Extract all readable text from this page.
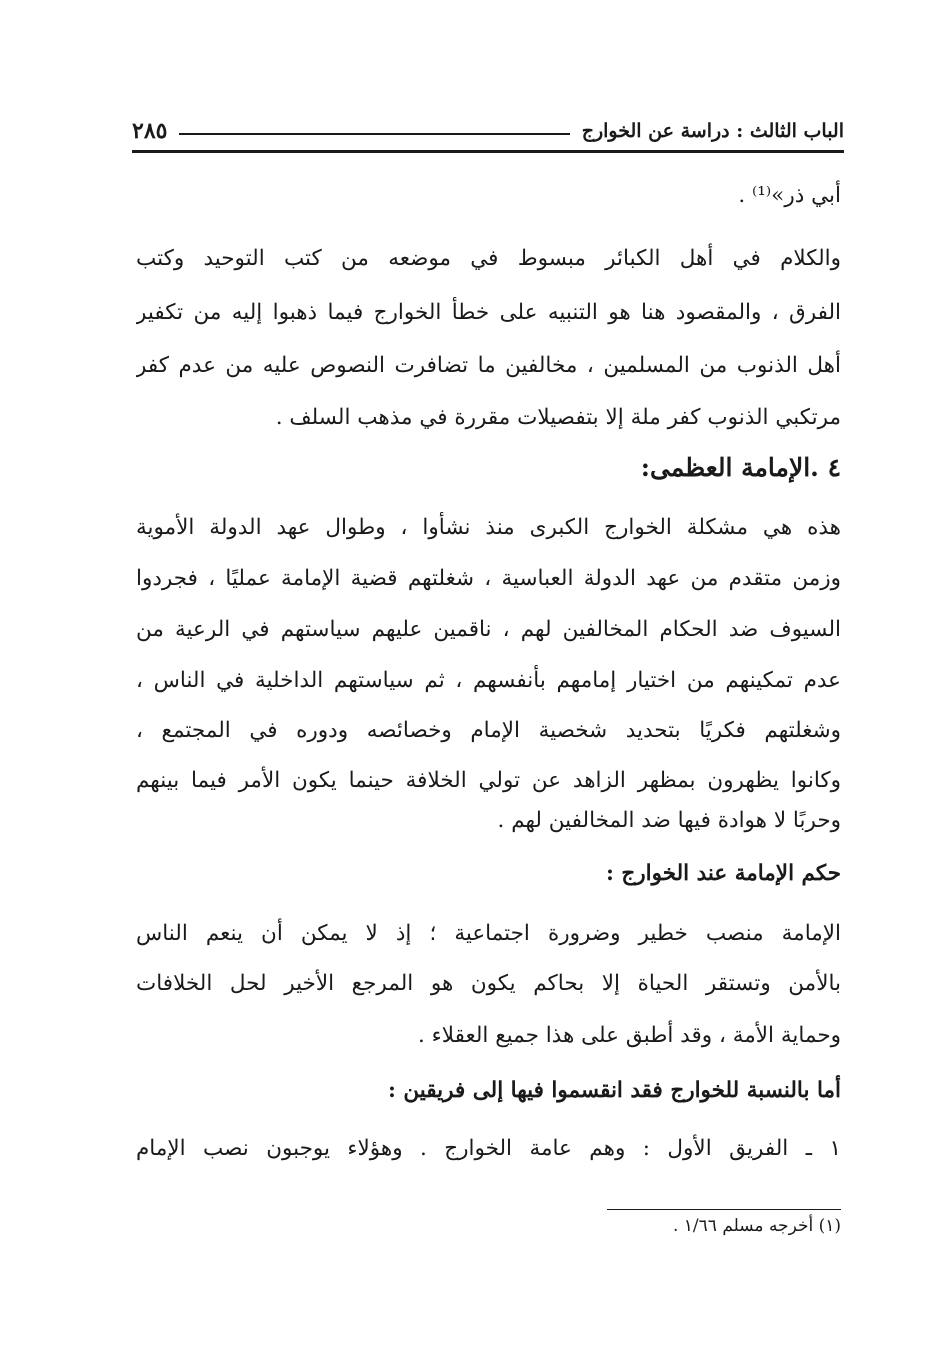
الباب الثالث : دراسة عن الخوارج
٢٨٥
أبي ذر»⁽¹⁾ .
والكلام في أهل الكبائر مبسوط في موضعه من كتب التوحيد وكتب
الفرق ، والمقصود هنا هو التنبيه على خطأ الخوارج فيما ذهبوا إليه من تكفير
أهل الذنوب من المسلمين ، مخالفين ما تضافرت النصوص عليه من عدم كفر
مرتكبي الذنوب كفر ملة إلا بتفصيلات مقررة في مذهب السلف .
٤ .الإمامة العظمى:
هذه هي مشكلة الخوارج الكبرى منذ نشأوا ، وطوال عهد الدولة الأموية
وزمن متقدم من عهد الدولة العباسية ، شغلتهم قضية الإمامة عمليًا ، فجردوا
السيوف ضد الحكام المخالفين لهم ، ناقمين عليهم سياستهم في الرعية من
عدم تمكينهم من اختيار إمامهم بأنفسهم ، ثم سياستهم الداخلية في الناس ،
وشغلتهم فكريًا بتحديد شخصية الإمام وخصائصه ودوره في المجتمع ،
وكانوا يظهرون بمظهر الزاهد عن تولي الخلافة حينما يكون الأمر فيما بينهم
وحربًا لا هوادة فيها ضد المخالفين لهم .
حكم الإمامة عند الخوارج :
الإمامة منصب خطير وضرورة اجتماعية ؛ إذ لا يمكن أن ينعم الناس
بالأمن وتستقر الحياة إلا بحاكم يكون هو المرجع الأخير لحل الخلافات
وحماية الأمة ، وقد أطبق على هذا جميع العقلاء .
أما بالنسبة للخوارج فقد انقسموا فيها إلى فريقين :
١ ـ الفريق الأول : وهم عامة الخوارج . وهؤلاء يوجبون نصب الإمام
(١) أخرجه مسلم ١/٦٦ .
